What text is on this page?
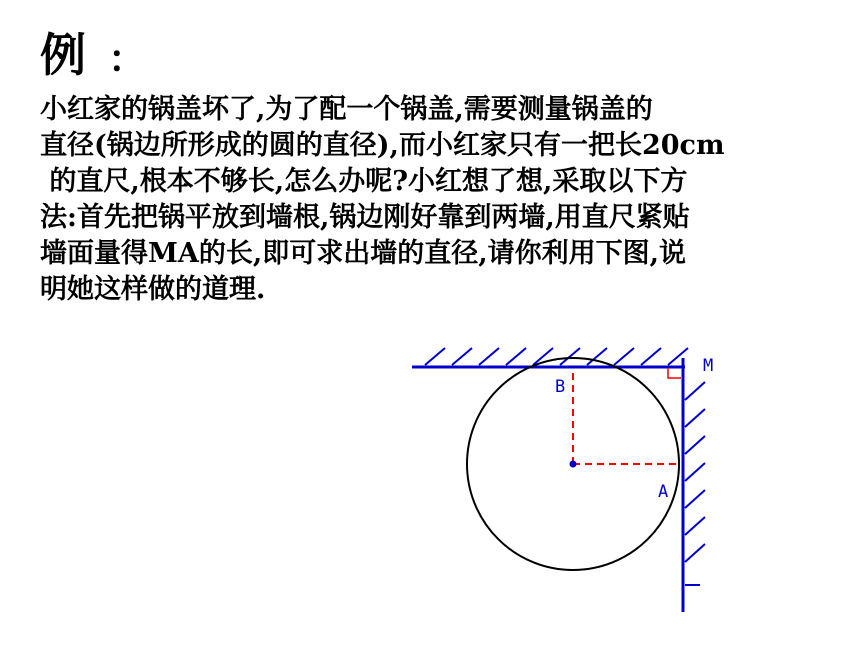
例 ：
小红家的锅盖坏了,为了配一个锅盖,需要测量锅盖的
直径(锅边所形成的圆的直径),而小红家只有一把长20cm
的直尺,根本不够长,怎么办呢?小红想了想,采取以下方
法:首先把锅平放到墙根,锅边刚好靠到两墙,用直尺紧贴
墙面量得MA的长,即可求出墙的直径,请你利用下图,说
明她这样做的道理.
B
A
M
